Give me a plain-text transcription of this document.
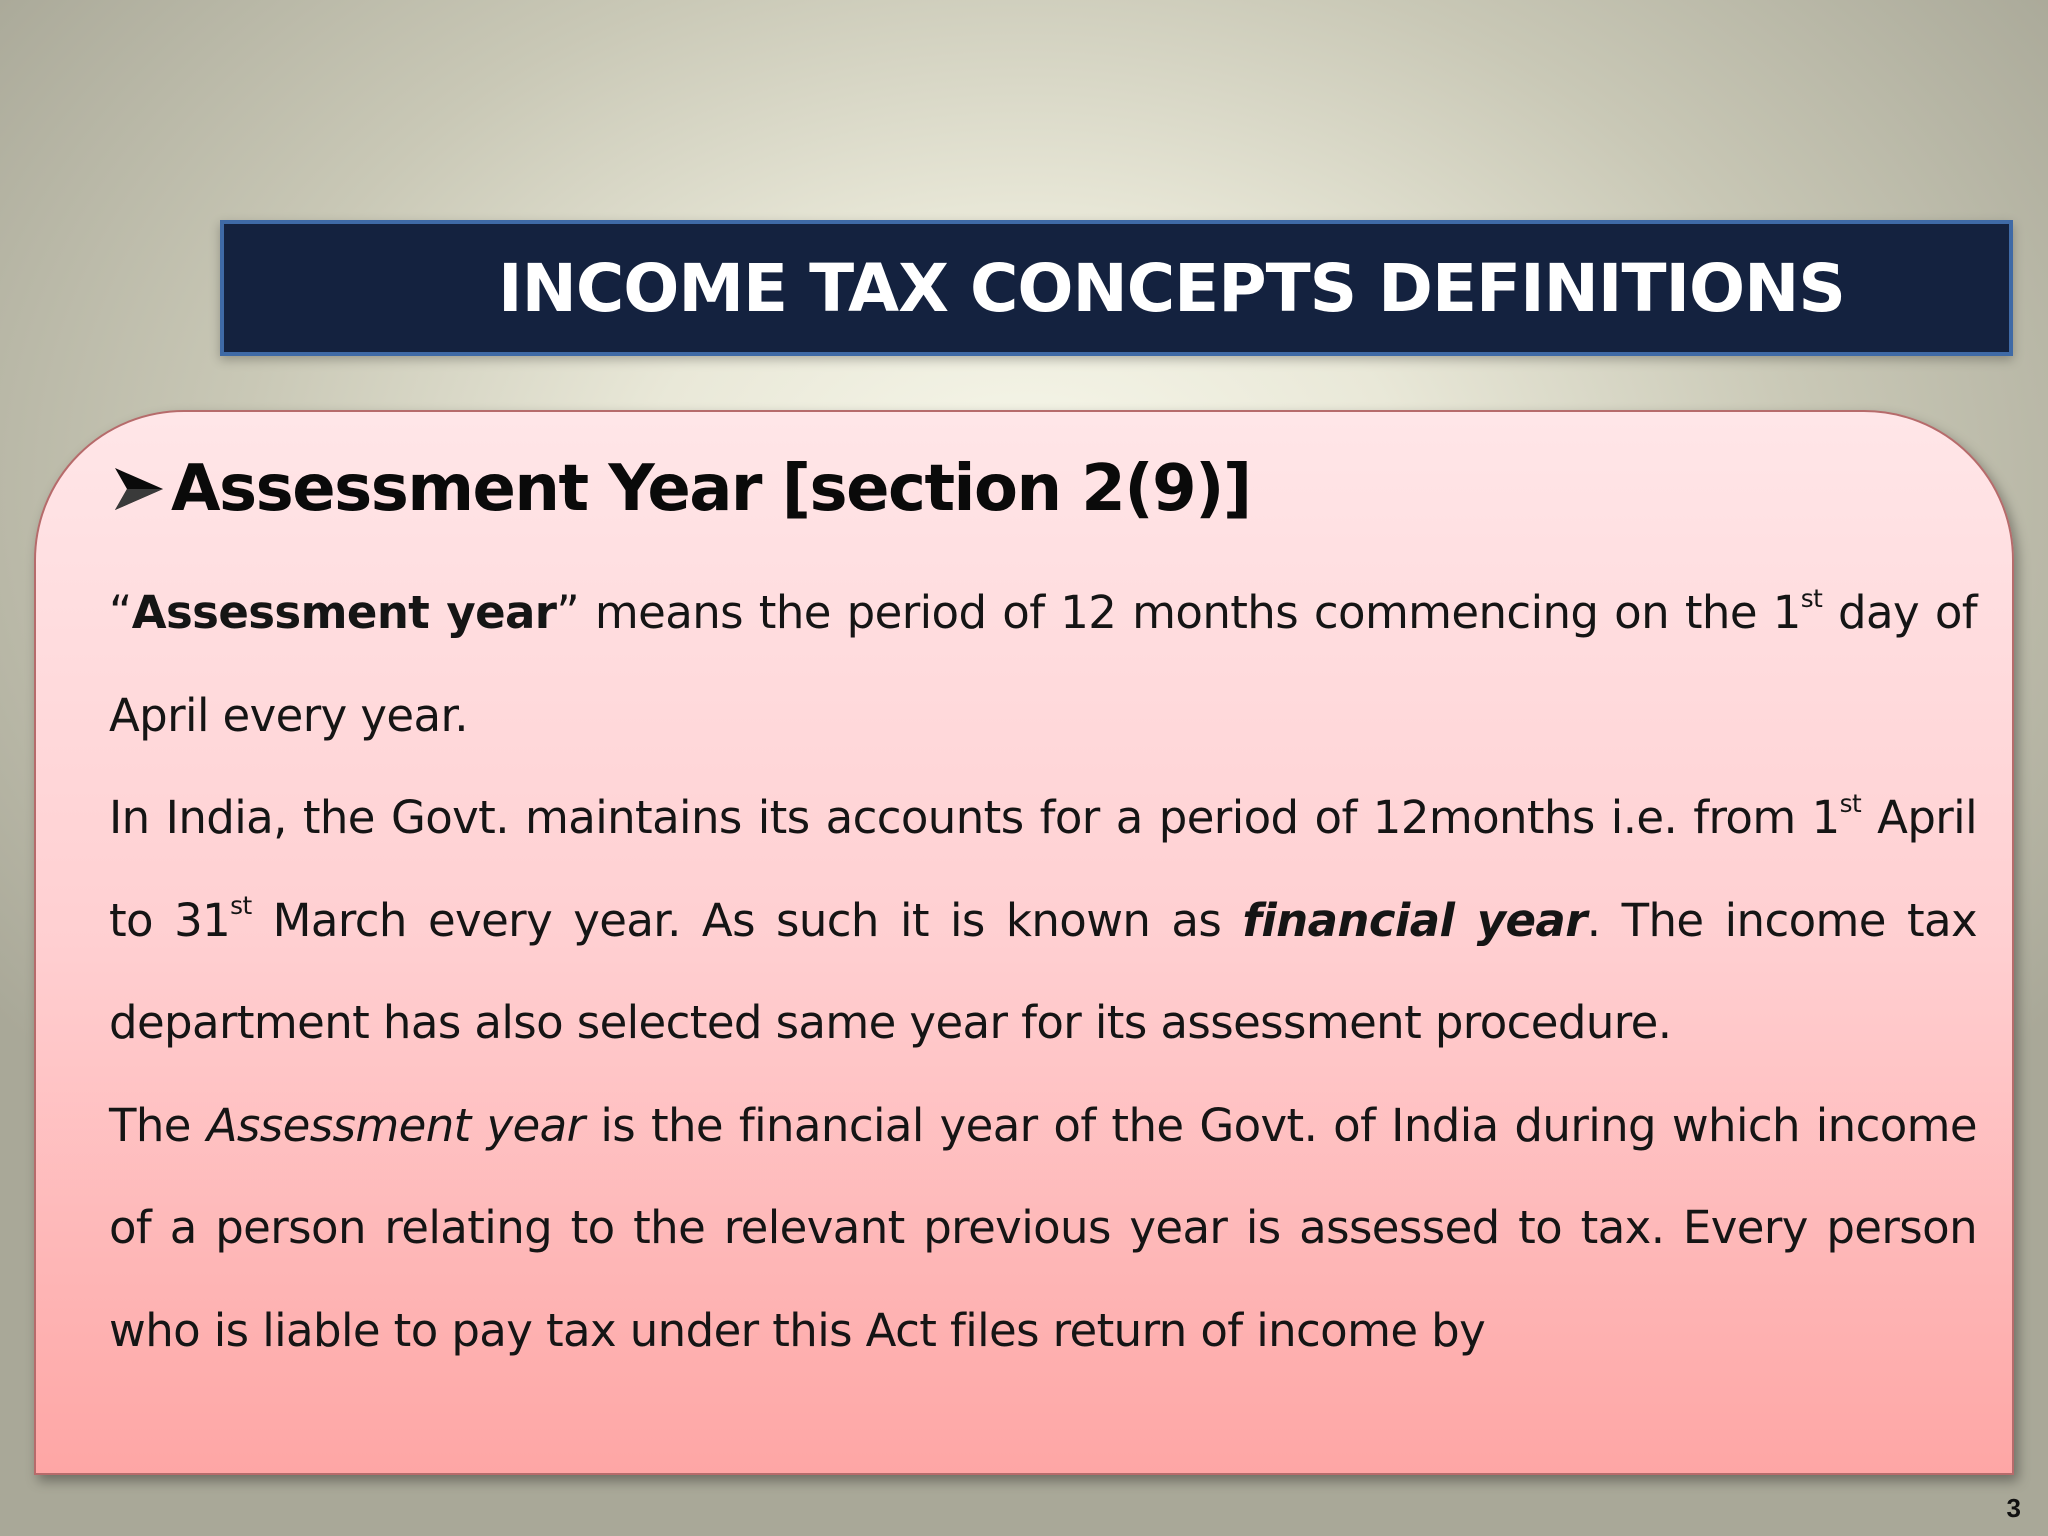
INCOME TAX CONCEPTS DEFINITIONS
Assessment Year [section 2(9)]

“Assessment year” means the period of 12 months commencing on the 1st day of April every year.

In India, the Govt. maintains its accounts for a period of 12months i.e. from 1st April to 31st March every year. As such it is known as financial year. The income tax department has also selected same year for its assessment procedure.

The Assessment year is the financial year of the Govt. of India during which income of a person relating to the relevant previous year is assessed to tax. Every person who is liable to pay tax under this Act files return of income by

3
